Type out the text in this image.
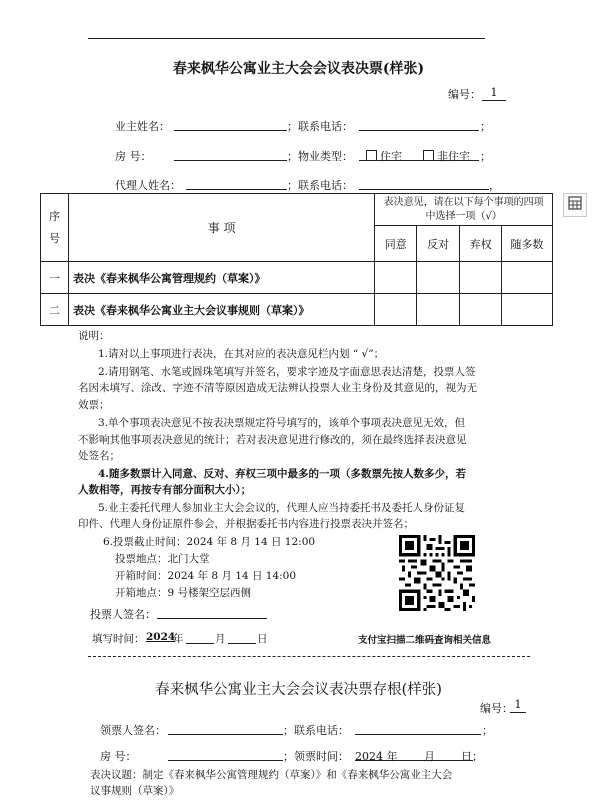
春来枫华公寓业主大会会议表决票(样张)
编号： 1
业主姓名：	；联系电话：	；
房 号：	；物业类型：	住宅	非住宅 ；
代理人姓名：	；联系电话：	，
序
号	事 项	表决意见，请在以下每个事项的四项中选择一项（√）			
		同意	反对	弃权	随多数
一	表决《春来枫华公寓管理规约（草案）》				
二	表决《春来枫华公寓业主大会议事规则（草案）》				
说明：
1.请对以上事项进行表决，在其对应的表决意见栏内划 “ √”；
2.请用钢笔、水笔或圆珠笔填写并签名，要求字迹及字面意思表达清楚，投票人签
名因未填写、涂改、字迹不清等原因造成无法辨认投票人业主身份及其意见的，视为无
效票；
3.单个事项表决意见不按表决票规定符号填写的，该单个事项表决意见无效，但
不影响其他事项表决意见的统计；若对表决意见进行修改的，须在最终选择表决意见
处签名；
4.随多数票计入同意、反对、弃权三项中最多的一项（多数票先按人数多少，若
人数相等，再按专有部分面积大小）；
5.业主委托代理人参加业主大会会议的，代理人应当持委托书及委托人身份证复
印件、代理人身份证原件参会，并根据委托书内容进行投票表决并签名；
6.投票截止时间：2024 年 8 月 14 日 12:00
投票地点：北门大堂
开箱时间：2024 年 8 月 14 日 14:00
开箱地点：9 号楼架空层西侧
投票人签名：
填写时间： 2024
年	月	日	支付宝扫描二维码查询相关信息
春来枫华公寓业主大会会议表决票存根(样张)
编号： 1
领票人签名：	；联系电话：	；
房 号：	；领票时间： 2024 年 月 日；
表决议题：制定《春来枫华公寓管理规约（草案）》和《春来枫华公寓业主大会
议事规则（草案）》
